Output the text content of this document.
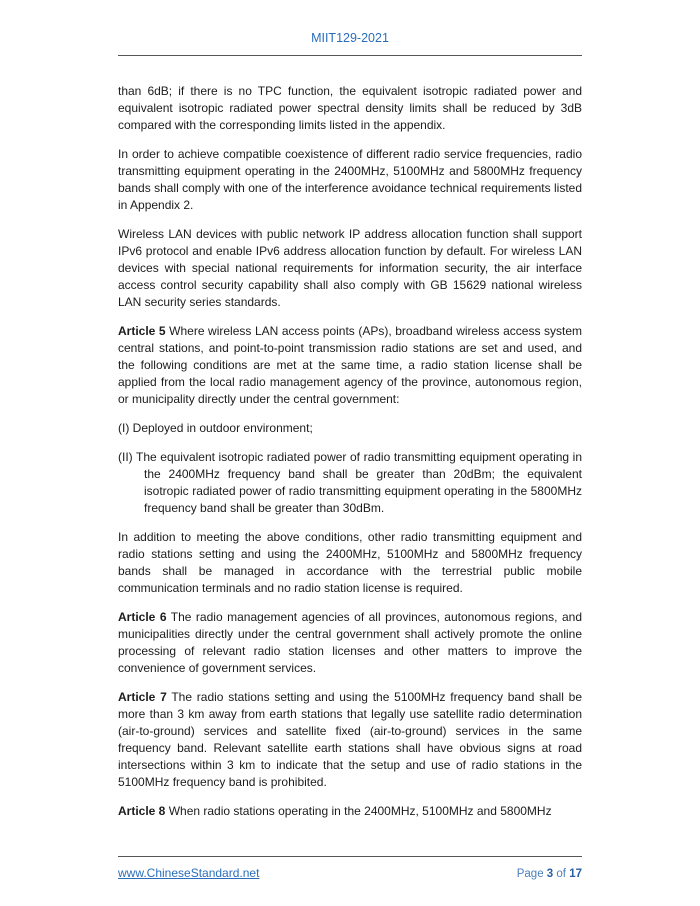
MIIT129-2021

than 6dB; if there is no TPC function, the equivalent isotropic radiated power and equivalent isotropic radiated power spectral density limits shall be reduced by 3dB compared with the corresponding limits listed in the appendix.

In order to achieve compatible coexistence of different radio service frequencies, radio transmitting equipment operating in the 2400MHz, 5100MHz and 5800MHz frequency bands shall comply with one of the interference avoidance technical requirements listed in Appendix 2.

Wireless LAN devices with public network IP address allocation function shall support IPv6 protocol and enable IPv6 address allocation function by default. For wireless LAN devices with special national requirements for information security, the air interface access control security capability shall also comply with GB 15629 national wireless LAN security series standards.

Article 5 Where wireless LAN access points (APs), broadband wireless access system central stations, and point-to-point transmission radio stations are set and used, and the following conditions are met at the same time, a radio station license shall be applied from the local radio management agency of the province, autonomous region, or municipality directly under the central government:

(I) Deployed in outdoor environment;

(II) The equivalent isotropic radiated power of radio transmitting equipment operating in the 2400MHz frequency band shall be greater than 20dBm; the equivalent isotropic radiated power of radio transmitting equipment operating in the 5800MHz frequency band shall be greater than 30dBm.

In addition to meeting the above conditions, other radio transmitting equipment and radio stations setting and using the 2400MHz, 5100MHz and 5800MHz frequency bands shall be managed in accordance with the terrestrial public mobile communication terminals and no radio station license is required.

Article 6 The radio management agencies of all provinces, autonomous regions, and municipalities directly under the central government shall actively promote the online processing of relevant radio station licenses and other matters to improve the convenience of government services.

Article 7 The radio stations setting and using the 5100MHz frequency band shall be more than 3 km away from earth stations that legally use satellite radio determination (air-to-ground) services and satellite fixed (air-to-ground) services in the same frequency band. Relevant satellite earth stations shall have obvious signs at road intersections within 3 km to indicate that the setup and use of radio stations in the 5100MHz frequency band is prohibited.

Article 8 When radio stations operating in the 2400MHz, 5100MHz and 5800MHz

www.ChineseStandard.net	Page 3 of 17
